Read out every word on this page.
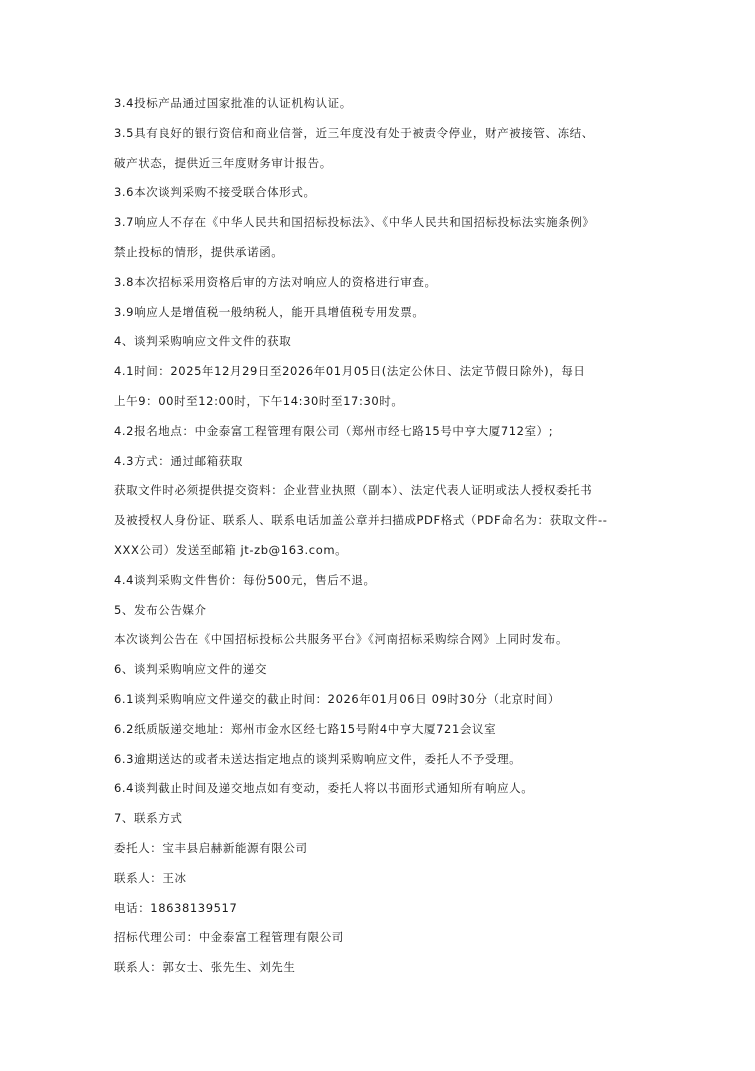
3.4投标产品通过国家批准的认证机构认证。
3.5具有良好的银行资信和商业信誉，近三年度没有处于被责令停业，财产被接管、冻结、
破产状态，提供近三年度财务审计报告。
3.6本次谈判采购不接受联合体形式。
3.7响应人不存在《中华人民共和国招标投标法》、《中华人民共和国招标投标法实施条例》
禁止投标的情形，提供承诺函。
3.8本次招标采用资格后审的方法对响应人的资格进行审查。
3.9响应人是增值税一般纳税人，能开具增值税专用发票。
4、谈判采购响应文件文件的获取
4.1时间：2025年12月29日至2026年01月05日(法定公休日、法定节假日除外)，每日
上午9：00时至12:00时，下午14:30时至17:30时。
4.2报名地点：中金泰富工程管理有限公司（郑州市经七路15号中亨大厦712室）;
4.3方式：通过邮箱获取
获取文件时必须提供提交资料：企业营业执照（副本）、法定代表人证明或法人授权委托书
及被授权人身份证、联系人、联系电话加盖公章并扫描成PDF格式（PDF命名为：获取文件--
XXX公司）发送至邮箱 jt-zb@163.com。
4.4谈判采购文件售价：每份500元，售后不退。
5、发布公告媒介
本次谈判公告在《中国招标投标公共服务平台》《河南招标采购综合网》上同时发布。
6、谈判采购响应文件的递交
6.1谈判采购响应文件递交的截止时间：2026年01月06日 09时30分（北京时间）
6.2纸质版递交地址：郑州市金水区经七路15号附4中亨大厦721会议室
6.3逾期送达的或者未送达指定地点的谈判采购响应文件，委托人不予受理。
6.4谈判截止时间及递交地点如有变动，委托人将以书面形式通知所有响应人。
7、联系方式
委托人：宝丰县启赫新能源有限公司
联系人：王冰
电话：18638139517
招标代理公司：中金泰富工程管理有限公司
联系人：郭女士、张先生、刘先生
